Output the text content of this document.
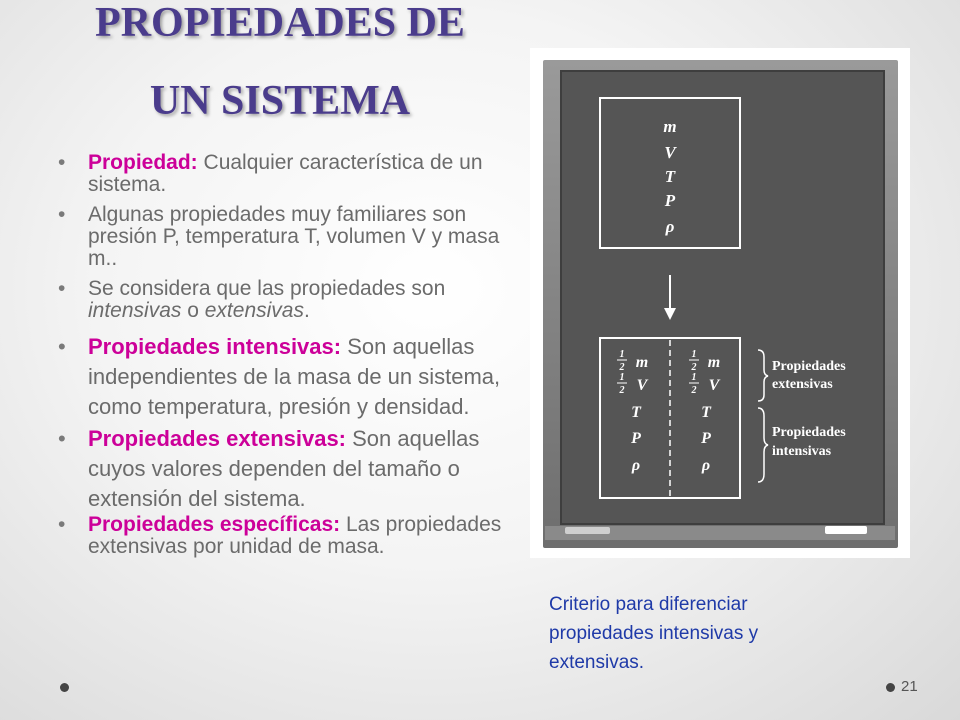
PROPIEDADES DE
UN SISTEMA
• Propiedad: Cualquier característica de un sistema.
• Algunas propiedades muy familiares son presión P, temperatura T, volumen V y masa m..
• Se considera que las propiedades son intensivas o extensivas.
• Propiedades intensivas: Son aquellas independientes de la masa de un sistema, como temperatura, presión y densidad.
• Propiedades extensivas: Son aquellas cuyos valores dependen del tamaño o extensión del sistema.
• Propiedades específicas: Las propiedades extensivas por unidad de masa.
m
V
T
P
ρ
1
2 m
1
2 V
T
P
ρ
1
2 m
1
2 V
T
P
ρ
Propiedades
extensivas
Propiedades
intensivas
Criterio para diferenciar propiedades intensivas y extensivas.
21
